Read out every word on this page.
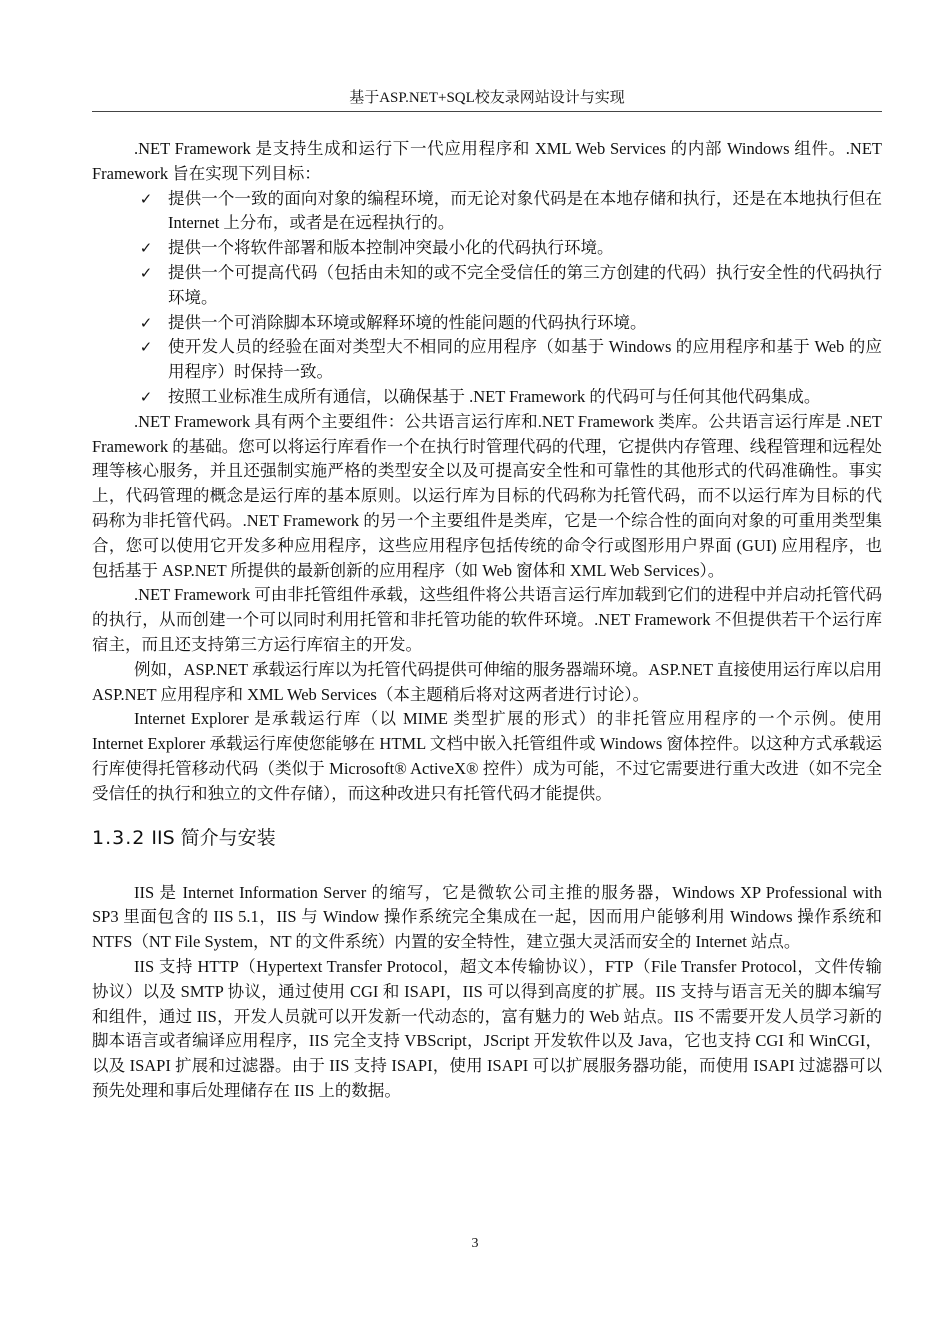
基于ASP.NET+SQL校友录网站设计与实现

.NET Framework 是支持生成和运行下一代应用程序和 XML Web Services 的内部 Windows 组件。.NET Framework 旨在实现下列目标：

✓ 提供一个一致的面向对象的编程环境，而无论对象代码是在本地存储和执行，还是在本地执行但在 Internet 上分布，或者是在远程执行的。
✓ 提供一个将软件部署和版本控制冲突最小化的代码执行环境。
✓ 提供一个可提高代码（包括由未知的或不完全受信任的第三方创建的代码）执行安全性的代码执行环境。
✓ 提供一个可消除脚本环境或解释环境的性能问题的代码执行环境。
✓ 使开发人员的经验在面对类型大不相同的应用程序（如基于 Windows 的应用程序和基于 Web 的应用程序）时保持一致。
✓ 按照工业标准生成所有通信，以确保基于 .NET Framework 的代码可与任何其他代码集成。

.NET Framework 具有两个主要组件：公共语言运行库和.NET Framework 类库。公共语言运行库是 .NET Framework 的基础。您可以将运行库看作一个在执行时管理代码的代理，它提供内存管理、线程管理和远程处理等核心服务，并且还强制实施严格的类型安全以及可提高安全性和可靠性的其他形式的代码准确性。事实上，代码管理的概念是运行库的基本原则。以运行库为目标的代码称为托管代码，而不以运行库为目标的代码称为非托管代码。.NET Framework 的另一个主要组件是类库，它是一个综合性的面向对象的可重用类型集合，您可以使用它开发多种应用程序，这些应用程序包括传统的命令行或图形用户界面 (GUI) 应用程序，也包括基于 ASP.NET 所提供的最新创新的应用程序（如 Web 窗体和 XML Web Services）。

.NET Framework 可由非托管组件承载，这些组件将公共语言运行库加载到它们的进程中并启动托管代码的执行，从而创建一个可以同时利用托管和非托管功能的软件环境。.NET Framework 不但提供若干个运行库宿主，而且还支持第三方运行库宿主的开发。

例如，ASP.NET 承载运行库以为托管代码提供可伸缩的服务器端环境。ASP.NET 直接使用运行库以启用 ASP.NET 应用程序和 XML Web Services（本主题稍后将对这两者进行讨论）。

Internet Explorer 是承载运行库（以 MIME 类型扩展的形式）的非托管应用程序的一个示例。使用 Internet Explorer 承载运行库使您能够在 HTML 文档中嵌入托管组件或 Windows 窗体控件。以这种方式承载运行库使得托管移动代码（类似于 Microsoft® ActiveX® 控件）成为可能，不过它需要进行重大改进（如不完全受信任的执行和独立的文件存储），而这种改进只有托管代码才能提供。

1.3.2 IIS 简介与安装

IIS 是 Internet Information Server 的缩写，它是微软公司主推的服务器，Windows XP Professional with SP3 里面包含的 IIS 5.1，IIS 与 Window 操作系统完全集成在一起，因而用户能够利用 Windows 操作系统和 NTFS（NT File System，NT 的文件系统）内置的安全特性，建立强大灵活而安全的 Internet 站点。

IIS 支持 HTTP（Hypertext Transfer Protocol，超文本传输协议），FTP（File Transfer Protocol，文件传输协议）以及 SMTP 协议，通过使用 CGI 和 ISAPI，IIS 可以得到高度的扩展。IIS 支持与语言无关的脚本编写和组件，通过 IIS，开发人员就可以开发新一代动态的，富有魅力的 Web 站点。IIS 不需要开发人员学习新的脚本语言或者编译应用程序，IIS 完全支持 VBScript，JScript 开发软件以及 Java，它也支持 CGI 和 WinCGI，以及 ISAPI 扩展和过滤器。由于 IIS 支持 ISAPI，使用 ISAPI 可以扩展服务器功能，而使用 ISAPI 过滤器可以预先处理和事后处理储存在 IIS 上的数据。

3
